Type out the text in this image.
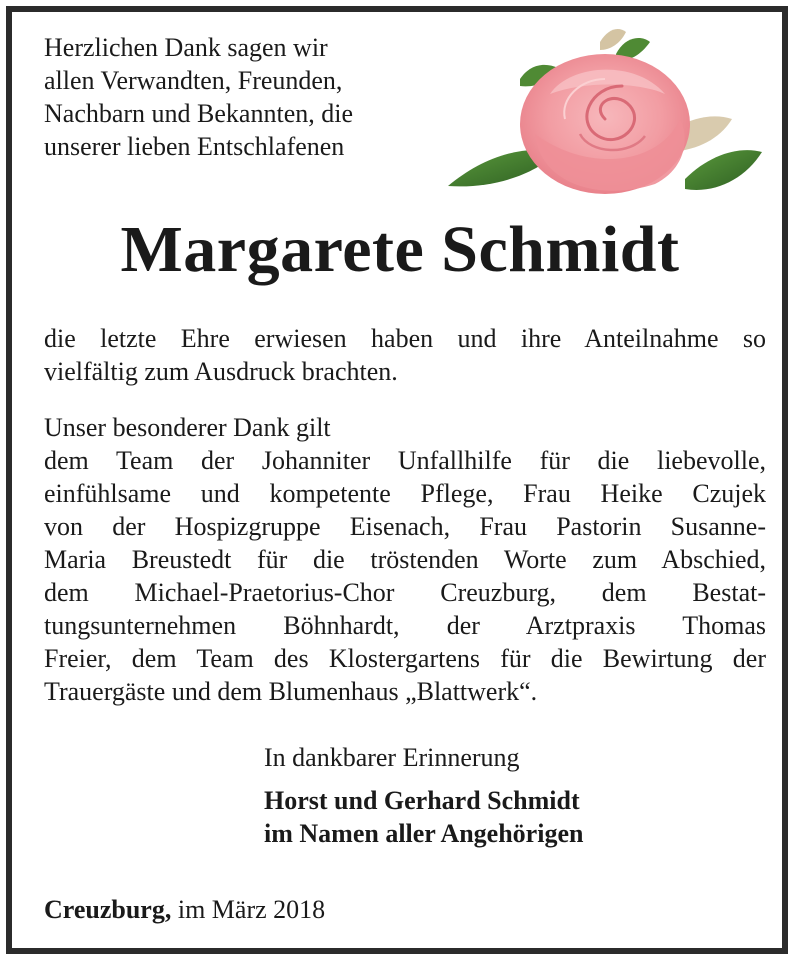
Herzlichen Dank sagen wir
allen Verwandten, Freunden,
Nachbarn und Bekannten, die
unserer lieben Entschlafenen
Margarete Schmidt
die letzte Ehre erwiesen haben und ihre Anteilnahme so
vielfältig zum Ausdruck brachten.
Unser besonderer Dank gilt
dem Team der Johanniter Unfallhilfe für die liebevolle,
einfühlsame und kompetente Pflege, Frau Heike Czujek
von der Hospizgruppe Eisenach, Frau Pastorin Susanne-
Maria Breustedt für die tröstenden Worte zum Abschied,
dem Michael-Praetorius-Chor Creuzburg, dem Bestat-
tungsunternehmen Böhnhardt, der Arztpraxis Thomas
Freier, dem Team des Klostergartens für die Bewirtung der
Trauergäste und dem Blumenhaus „Blattwerk“.
In dankbarer Erinnerung
Horst und Gerhard Schmidt
im Namen aller Angehörigen
Creuzburg, im März 2018
